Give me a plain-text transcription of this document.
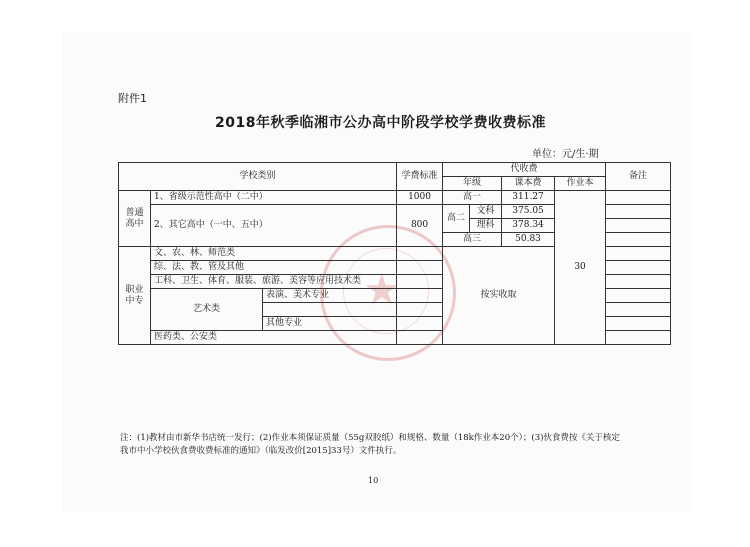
★
附件1
2018年秋季临湘市公办高中阶段学校学费收费标准
单位：元/生·期
学校类别			学费标准	代收费				备注
				年级		课本费	作业本	
普通高中	1、省级示范性高中（二中）		1000	高一		311.27	30	
	2、其它高中（一中、五中）		800	高二	文科	375.05		
					理科	378.34		
				高三		50.83		
职业中专	文、农、林、师范类			按实收取				
	综、法、教、管及其他							
	工科、卫生、体育、服装、旅游、美容等应用技术类							
	艺术类	表演、美术专业						

		其他专业						
	医药类、公安类							
注：(1)教材由市新华书店统一发行；(2)作业本须保证质量（55g双胶纸）和规格、数量（18k作业本20个）；(3)伙食费按《关于核定
我市中小学校伙食费收费标准的通知》（临发改价[2015]33号）文件执行。
10
